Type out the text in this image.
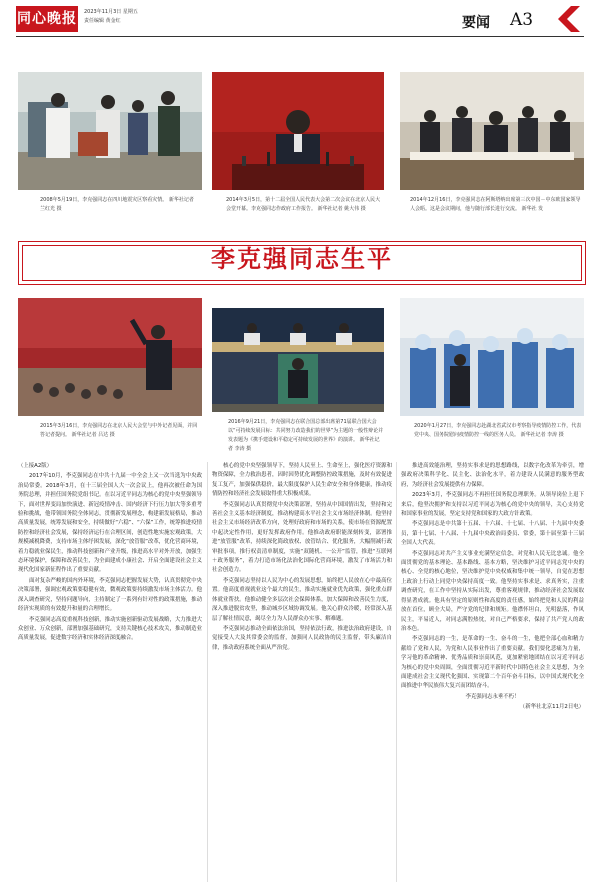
同心晚报 2023年11月3日 星期五
责任编辑 黄金红	要闻 A3
2008年5月19日，李克强同志在四川地震灾区察看灾情。 新华社记者 兰红光 摄
2014年3月5日，第十二届全国人民代表大会第二次会议在北京人民大会堂开幕。李克强同志作政府工作报告。 新华社记者 姚大伟 摄
2014年12月16日，李克强同志在阿斯塔纳出席第三次中国－中东欧国家领导人会晤。这是会议期间，他与随行部长进行交流。 新华社 发
李克强同志生平
2015年3月16日，李克强同志在北京人民大会堂与中外记者见面，并回答记者提问。 新华社记者 吕达 摄
2016年9月21日，李克强同志在联合国总部出席第71届联合国大会以“可持续发展目标：共同努力改造我们的世界”为主题的一般性辩论并发表题为《携手建设和平稳定可持续发展的世界》的演讲。 新华社记者 李涛 摄
2020年1月27日，李克强同志赴湖北省武汉市考察指导疫情防控工作，代表党中央、国务院慰问疫情防控一线的医务人员。 新华社记者 李涛 摄

（上接A2版）

2017年10月，李克强同志在中共十九届一中全会上又一次当选为中央政治局常委。2018年3月，在十三届全国人大一次会议上，他再次被任命为国务院总理，并担任国务院党组书记。在以习近平同志为核心的党中央坚强领导下，面对世界变局加快演进、新冠疫情冲击、国内经济下行压力加大等多重考验和挑战，他带领国务院全体同志，贯彻新发展理念，构建新发展格局，推动高质量发展，统筹发展和安全，持续做好“六稳”、“六保”工作，统筹推进疫情防控和经济社会发展，保持经济运行在合理区间，创造性地实施宏观政策，大规模减税降费，支持市场主体纾困发展，深化“放管服”改革，优化营商环境，着力稳就业保民生，推动科技创新和产业升级，推进高水平对外开放，加强生态环境保护，保障和改善民生，为全面建成小康社会、开启全面建设社会主义现代化国家新征程作出了重要贡献。

面对复杂严峻的国内外环境，李克强同志把握发展大势，认真贯彻党中央决策部署，强调宏观政策要稳健有效，微观政策要持续激发市场主体活力。他深入调查研究，坚持问题导向，主持制定了一系列有针对性的政策措施，推动经济实现质的有效提升和量的合理增长。

李克强同志高度重视科技创新，推动实施创新驱动发展战略，大力推进大众创业、万众创新，部署加强基础研究，支持关键核心技术攻关，推动制造业高质量发展，促进数字经济和实体经济深度融合。

核心的党中央坚强领导下，坚持人民至上、生命至上，强化医疗资源和物资保障，全力救治患者，因时因势优化调整防控政策措施，及时有效促进复工复产，加强保供稳价，最大限度保护人民生命安全和身体健康，推动疫情防控和经济社会发展取得重大积极成果。

李克强同志认真贯彻党中央决策部署，坚持从中国国情出发，坚持和完善社会主义基本经济制度，推动构建高水平社会主义市场经济体制。他坚持社会主义市场经济改革方向，处理好政府和市场的关系，使市场在资源配置中起决定性作用，更好发挥政府作用。他推动政府职能深刻转变，部署推进“放管服”改革，持续深化简政放权、放管结合、优化服务，大幅削减行政审批事项，推行权责清单制度，实施“双随机、一公开”监管，推进“互联网＋政务服务”，着力打造市场化法治化国际化营商环境，激发了市场活力和社会创造力。

李克强同志坚持以人民为中心的发展思想，始终把人民放在心中最高位置。他高度重视就业这个最大的民生，推动实施就业优先政策，强化重点群体就业帮扶。他推动健全多层次社会保障体系，加大保障和改善民生力度，深入推进脱贫攻坚，推动城乡区域协调发展。他关心群众冷暖，经常深入基层了解社情民意，竭尽全力为人民群众办实事、解难题。

李克强同志推动全面依法治国，坚持依法行政，推进法治政府建设，自觉接受人大及其常委会的监督，加强同人民政协的民主监督，带头廉洁自律，推动政府系统全面从严治党。

推进高效能治理，坚持实事求是的思想路线，以数字化改革为牵引，增强政府决策科学化、民主化、法治化水平，着力建设人民满意的服务型政府，为经济社会发展提供有力保障。

2023年3月，李克强同志不再担任国务院总理职务。从领导岗位上退下来后，他坚决拥护和支持以习近平同志为核心的党中央的领导，关心支持党和国家事业的发展，坚定支持党和国家的大政方针政策。

李克强同志是中共第十五届、十六届、十七届、十八届、十九届中央委员，第十七届、十八届、十九届中央政治局委员、常委，第十届至第十三届全国人大代表。

李克强同志对共产主义事业充满坚定信念，对党和人民无比忠诚。他全面贯彻党的基本理论、基本路线、基本方略，坚决维护习近平同志党中央的核心、全党的核心地位，坚决维护党中央权威和集中统一领导，自觉在思想上政治上行动上同党中央保持高度一致。他坚持实事求是、求真务实，注重调查研究，在工作中坚持从实际出发，尊重客观规律，推动经济社会发展取得显著成就。他具有坚定的原则性和高度的责任感，始终把党和人民的利益放在首位，顾全大局，严守党的纪律和规矩。他襟怀坦白，光明磊落，作风民主，平易近人，对同志满腔热忱，对自己严格要求，保持了共产党人的政治本色。

李克强同志的一生，是革命的一生、奋斗的一生，他把全部心血和精力献给了党和人民，为党和人民事业作出了重要贡献。我们要化悲痛为力量，学习他的革命精神、优秀品质和崇高风范，更加紧密地团结在以习近平同志为核心的党中央周围，全面贯彻习近平新时代中国特色社会主义思想，为全面建成社会主义现代化强国、实现第二个百年奋斗目标，以中国式现代化全面推进中华民族伟大复兴而团结奋斗。

李克强同志永垂不朽！

（新华社北京11月2日电）
